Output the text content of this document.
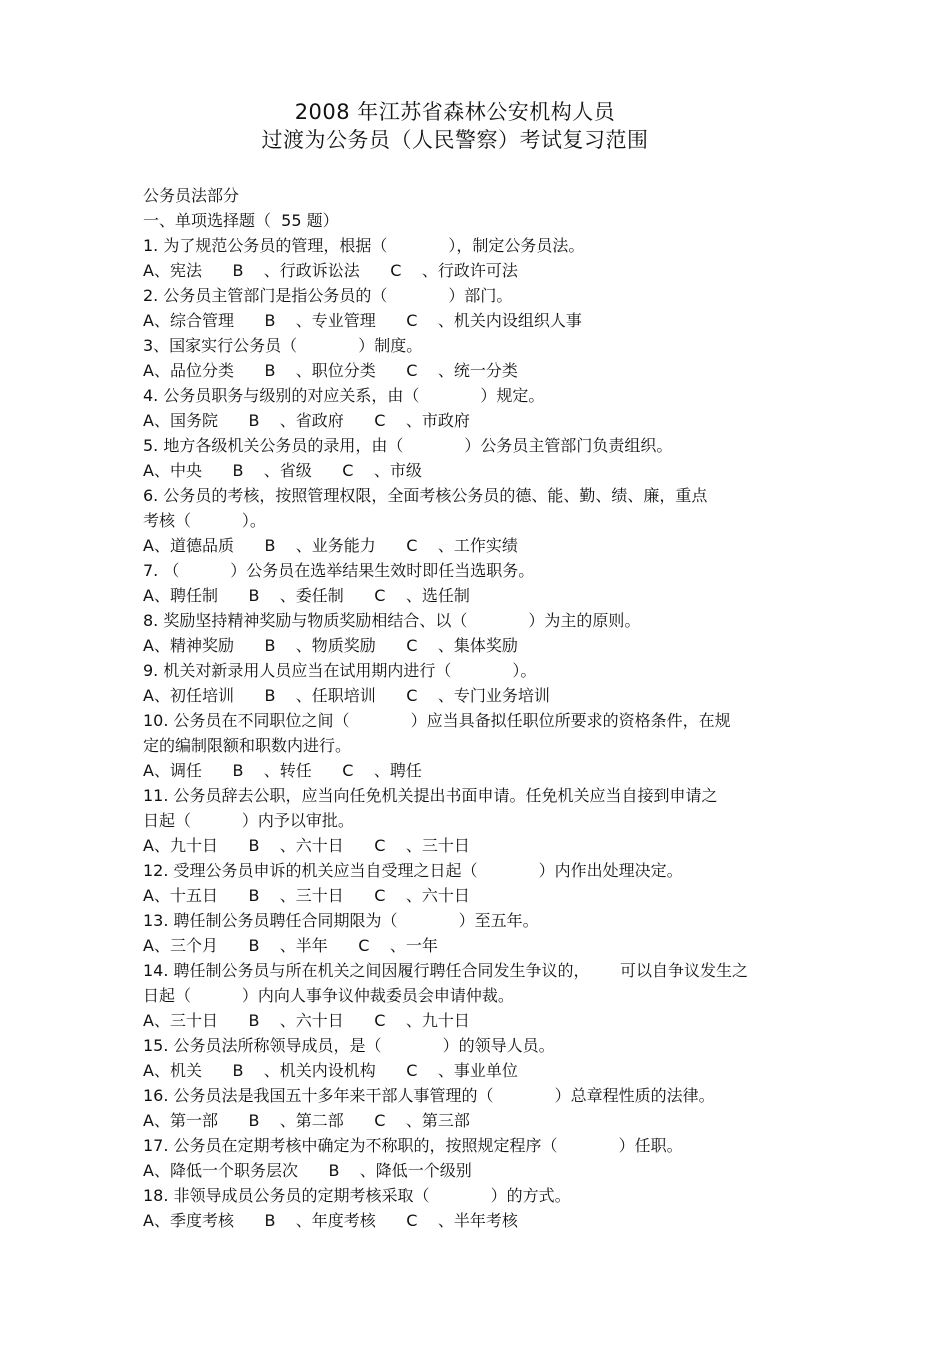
2008 年江苏省森林公安机构人员
过渡为公务员（人民警察）考试复习范围
公务员法部分
一、单项选择题（  55 题）
1. 为了规范公务员的管理，根据（            ），制定公务员法。
A、宪法      B    、行政诉讼法      C    、行政许可法
2. 公务员主管部门是指公务员的（            ）部门。
A、综合管理      B    、专业管理      C    、机关内设组织人事
3、国家实行公务员（            ）制度。
A、品位分类      B    、职位分类      C    、统一分类
4. 公务员职务与级别的对应关系，由（            ）规定。
A、国务院      B    、省政府      C    、市政府
5. 地方各级机关公务员的录用，由（            ）公务员主管部门负责组织。
A、中央      B    、省级      C    、市级
6. 公务员的考核，按照管理权限，全面考核公务员的德、能、勤、绩、廉，重点
考核（          ）。
A、道德品质      B    、业务能力      C    、工作实绩
7. （          ）公务员在选举结果生效时即任当选职务。
A、聘任制      B    、委任制      C    、选任制
8. 奖励坚持精神奖励与物质奖励相结合、以（            ）为主的原则。
A、精神奖励      B    、物质奖励      C    、集体奖励
9. 机关对新录用人员应当在试用期内进行（            ）。
A、初任培训      B    、任职培训      C    、专门业务培训
10. 公务员在不同职位之间（            ）应当具备拟任职位所要求的资格条件，在规
定的编制限额和职数内进行。
A、调任      B    、转任      C    、聘任
11. 公务员辞去公职，应当向任免机关提出书面申请。任免机关应当自接到申请之
日起（          ）内予以审批。
A、九十日      B    、六十日      C    、三十日
12. 受理公务员申诉的机关应当自受理之日起（            ）内作出处理决定。
A、十五日      B    、三十日      C    、六十日
13. 聘任制公务员聘任合同期限为（            ）至五年。
A、三个月      B    、半年      C    、一年
14. 聘任制公务员与所在机关之间因履行聘任合同发生争议的，      可以自争议发生之
日起（          ）内向人事争议仲裁委员会申请仲裁。
A、三十日      B    、六十日      C    、九十日
15. 公务员法所称领导成员，是（            ）的领导人员。
A、机关      B    、机关内设机构      C    、事业单位
16. 公务员法是我国五十多年来干部人事管理的（            ）总章程性质的法律。
A、第一部      B    、第二部      C    、第三部
17. 公务员在定期考核中确定为不称职的，按照规定程序（            ）任职。
A、降低一个职务层次      B    、降低一个级别
18. 非领导成员公务员的定期考核采取（            ）的方式。
A、季度考核      B    、年度考核      C    、半年考核
